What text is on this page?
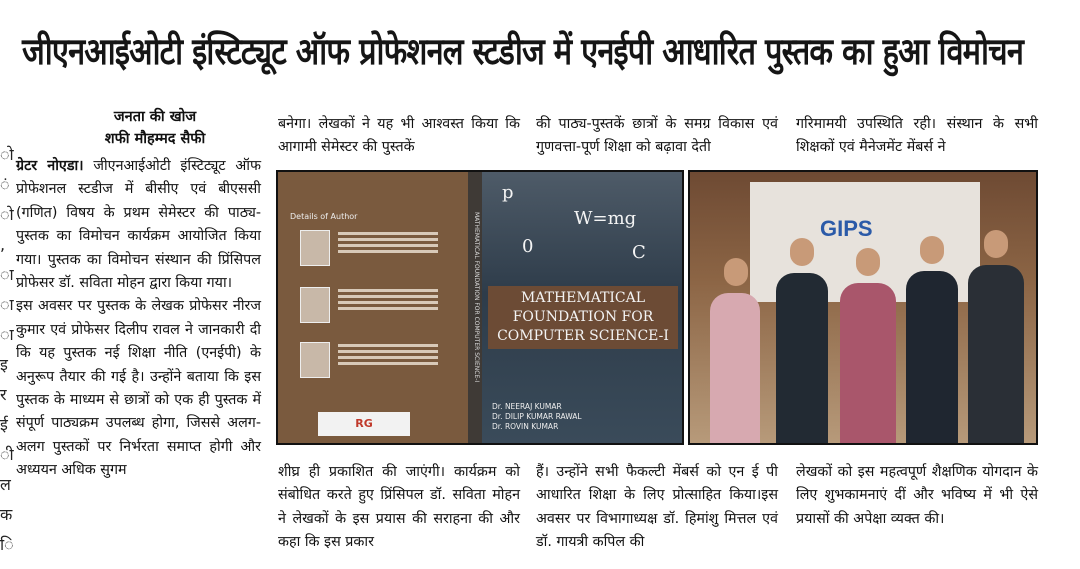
जीएनआईओटी इंस्टिट्यूट ऑफ प्रोफेशनल स्टडीज में एनईपी आधारित पुस्तक का हुआ विमोचन
ो
ं
ो
,
ा
ा
ा
इ
र
ई
ी
ल
क
ि
जनता की खोज
शफी मौहम्मद सैफी

ग्रेटर नोएडा। जीएनआईओटी इंस्टिट्यूट ऑफ प्रोफेशनल स्टडीज में बीसीए एवं बीएससी (गणित) विषय के प्रथम सेमेस्टर की पाठ्य-पुस्तक का विमोचन कार्यक्रम आयोजित किया गया। पुस्तक का विमोचन संस्थान की प्रिंसिपल प्रोफेसर डॉ. सविता मोहन द्वारा किया गया।

इस अवसर पर पुस्तक के लेखक प्रोफेसर नीरज कुमार एवं प्रोफेसर दिलीप रावल ने जानकारी दी कि यह पुस्तक नई शिक्षा नीति (एनईपी) के अनुरूप तैयार की गई है। उन्होंने बताया कि इस पुस्तक के माध्यम से छात्रों को एक ही पुस्तक में संपूर्ण पाठ्यक्रम उपलब्ध होगा, जिससे अलग-अलग पुस्तकों पर निर्भरता समाप्त होगी और अध्ययन अधिक सुगम

बनेगा। लेखकों ने यह भी आश्वस्त किया कि आगामी सेमेस्टर की पुस्तकें
की पाठ्य-पुस्तकें छात्रों के समग्र विकास एवं गुणवत्ता-पूर्ण शिक्षा को बढ़ावा देती
गरिमामयी उपस्थिति रही। संस्थान के सभी शिक्षकों एवं मैनेजमेंट मेंबर्स ने
Details of Author
RG
MATHEMATICAL FOUNDATION FOR COMPUTER SCIENCE-I
p
W=mg
0	C
MATHEMATICAL FOUNDATION FOR COMPUTER SCIENCE-I
Dr. NEERAJ KUMAR
Dr. DILIP KUMAR RAWAL
Dr. ROVIN KUMAR
GIPS
शीघ्र ही प्रकाशित की जाएंगी। कार्यक्रम को संबोधित करते हुए प्रिंसिपल डॉ. सविता मोहन ने लेखकों के इस प्रयास की सराहना की और कहा कि इस प्रकार
हैं। उन्होंने सभी फैकल्टी मेंबर्स को एन ई पी आधारित शिक्षा के लिए प्रोत्साहित किया।इस अवसर पर विभागाध्यक्ष डॉ. हिमांशु मित्तल एवं डॉ. गायत्री कपिल की
लेखकों को इस महत्वपूर्ण शैक्षणिक योगदान के लिए शुभकामनाएं दीं और भविष्य में भी ऐसे प्रयासों की अपेक्षा व्यक्त की।
